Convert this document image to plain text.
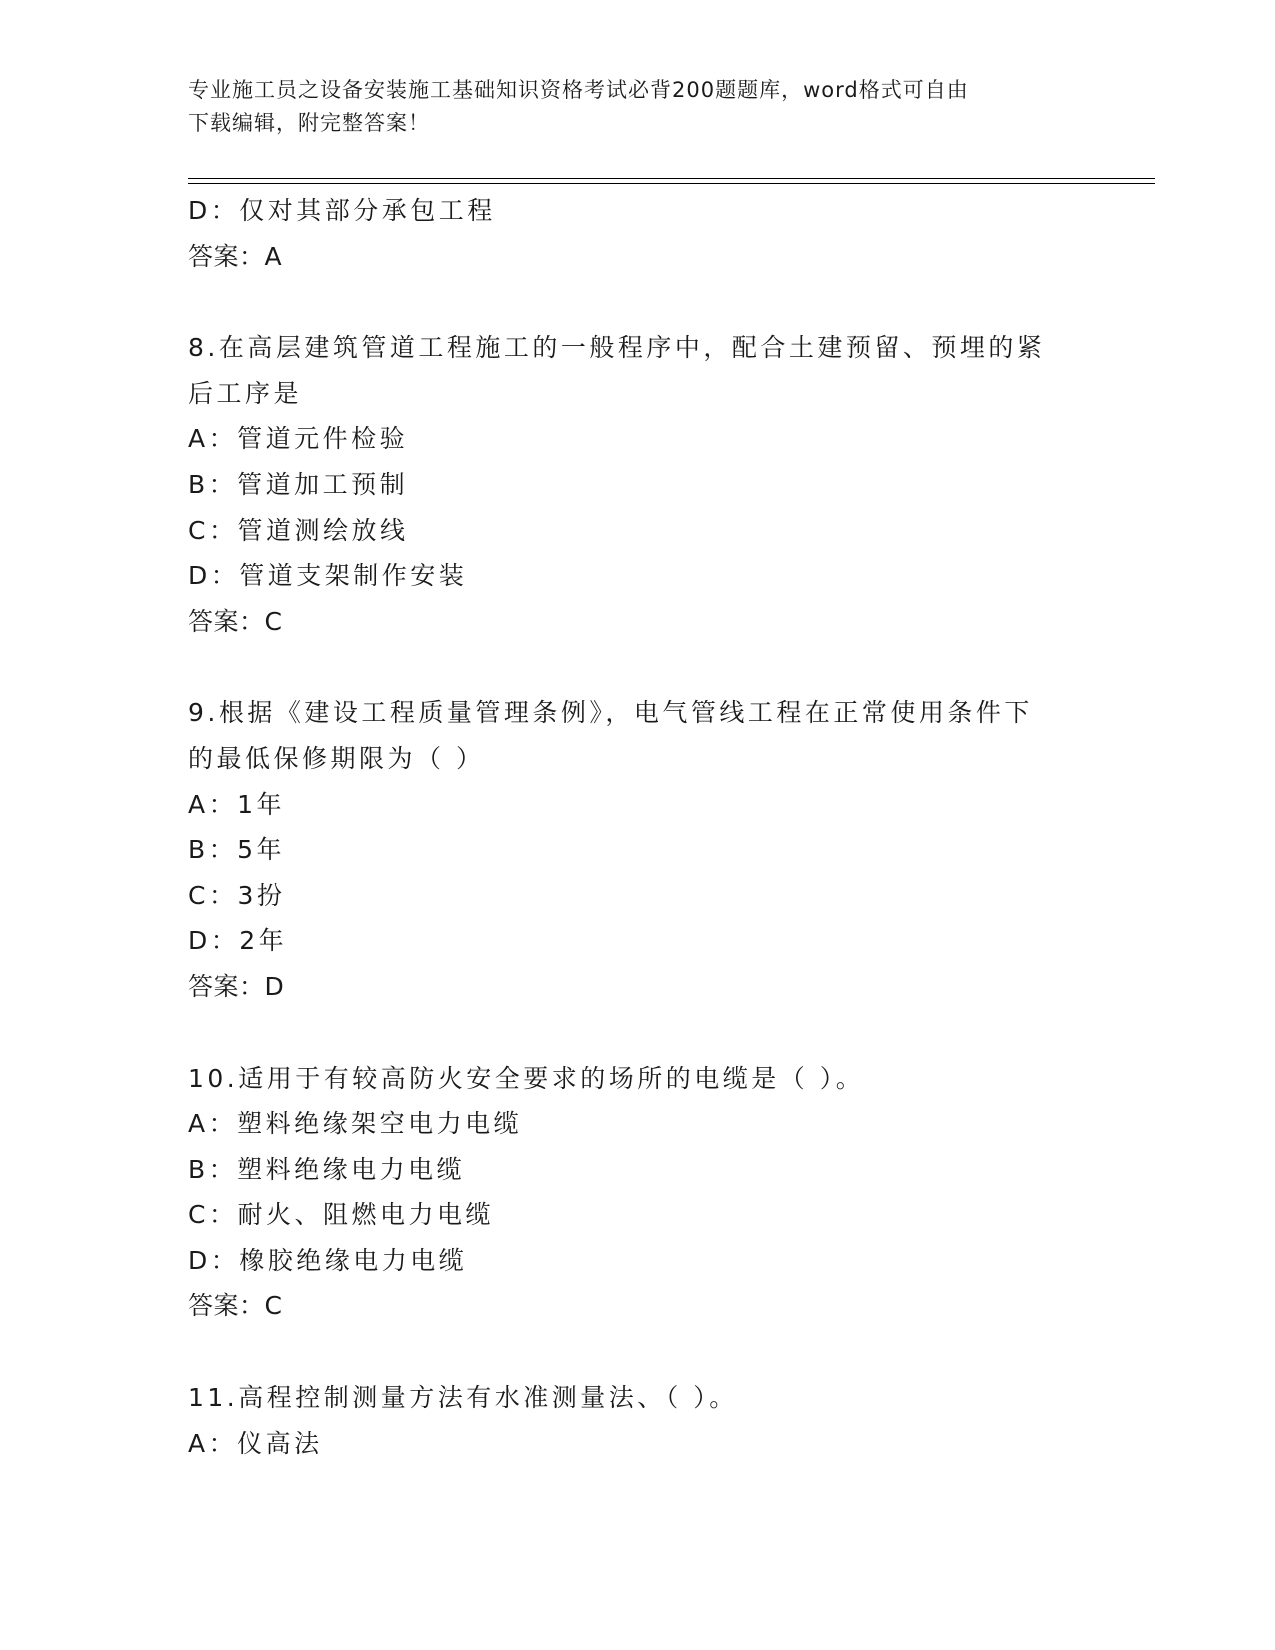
专业施工员之设备安装施工基础知识资格考试必背200题题库，word格式可自由
下载编辑，附完整答案！
D：仅对其部分承包工程
答案：A
8.在高层建筑管道工程施工的一般程序中，配合土建预留、预埋的紧
后工序是
A：管道元件检验
B：管道加工预制
C：管道测绘放线
D：管道支架制作安装
答案：C
9.根据《建设工程质量管理条例》，电气管线工程在正常使用条件下
的最低保修期限为（ ）
A：1年
B：5年
C：3扮
D：2年
答案：D
10.适用于有较高防火安全要求的场所的电缆是（ ）。
A：塑料绝缘架空电力电缆
B：塑料绝缘电力电缆
C：耐火、阻燃电力电缆
D：橡胶绝缘电力电缆
答案：C
11.高程控制测量方法有水准测量法、（ ）。
A：仪高法
